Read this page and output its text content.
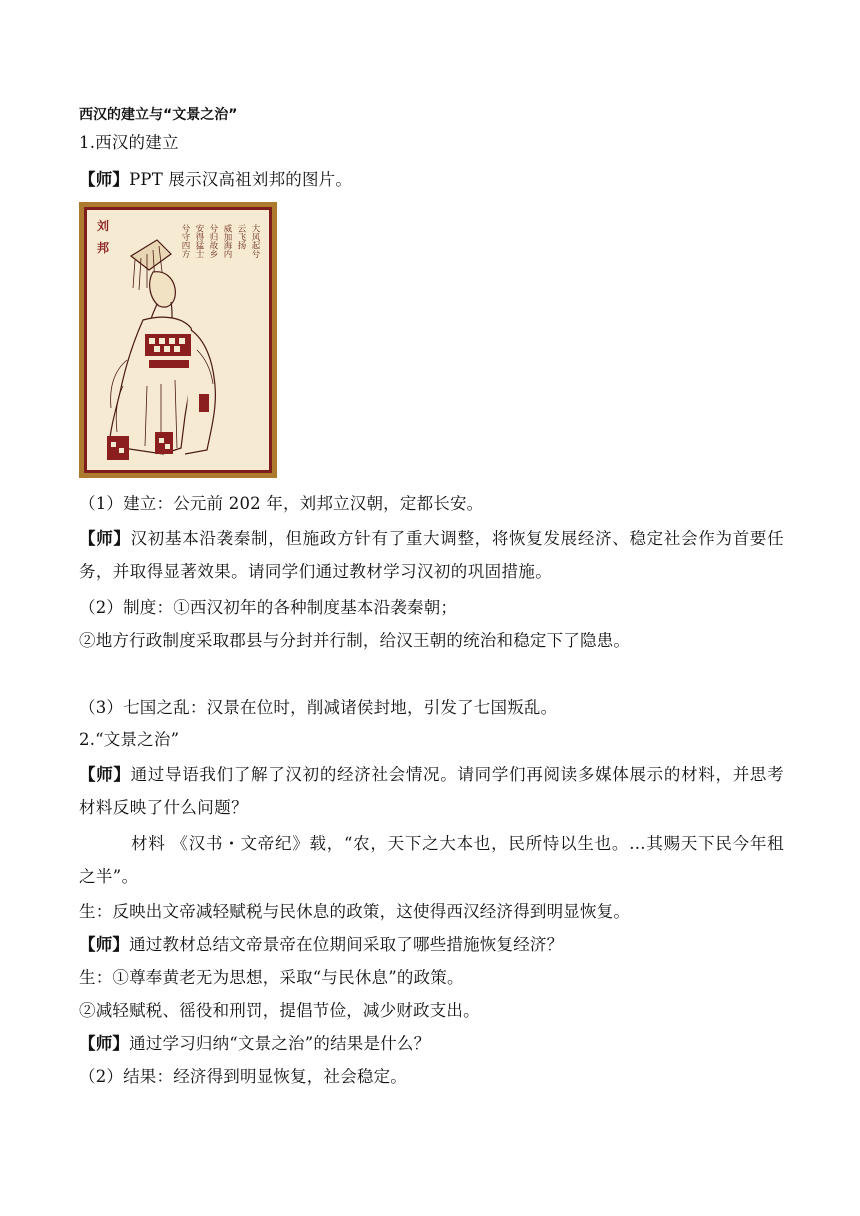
西汉的建立与“文景之治”
1.西汉的建立
【师】PPT 展示汉高祖刘邦的图片。
刘
邦	大风起兮
云飞扬
威加海内
兮归故乡
安得猛士
兮守四方
（1）建立：公元前 202 年，刘邦立汉朝，定都长安。
【师】汉初基本沿袭秦制，但施政方针有了重大调整，将恢复发展经济、稳定社会作为首要任务，并取得显著效果。请同学们通过教材学习汉初的巩固措施。
（2）制度：①西汉初年的各种制度基本沿袭秦朝；
②地方行政制度采取郡县与分封并行制，给汉王朝的统治和稳定下了隐患。
（3）七国之乱：汉景在位时，削减诸侯封地，引发了七国叛乱。
2.“文景之治”
【师】通过导语我们了解了汉初的经济社会情况。请同学们再阅读多媒体展示的材料，并思考材料反映了什么问题？
材料 《汉书・文帝纪》载，“农，天下之大本也，民所恃以生也。…其赐天下民今年租之半”。
生：反映出文帝减轻赋税与民休息的政策，这使得西汉经济得到明显恢复。
【师】通过教材总结文帝景帝在位期间采取了哪些措施恢复经济？
生：①尊奉黄老无为思想，采取“与民休息”的政策。
②减轻赋税、徭役和刑罚，提倡节俭，减少财政支出。
【师】通过学习归纳“文景之治”的结果是什么？
（2）结果：经济得到明显恢复，社会稳定。
